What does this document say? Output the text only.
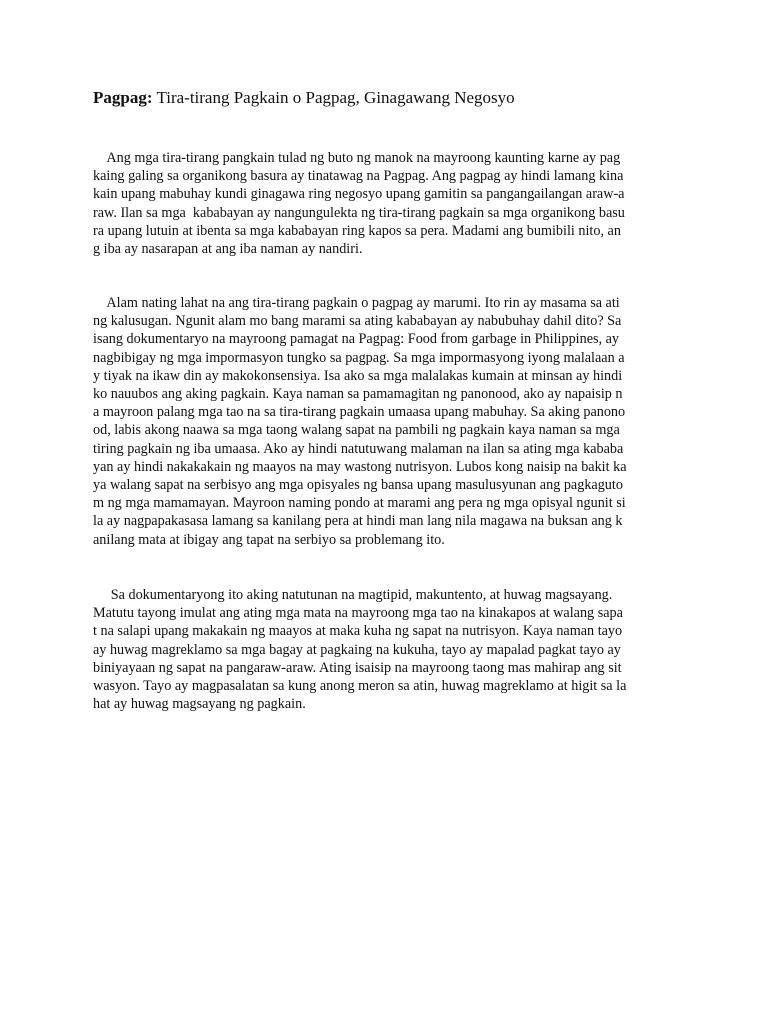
Pagpag: Tira-tirang Pagkain o Pagpag, Ginagawang Negosyo
Ang mga tira-tirang pangkain tulad ng buto ng manok na mayroong kaunting karne ay pag
kaing galing sa organikong basura ay tinatawag na Pagpag. Ang pagpag ay hindi lamang kina
kain upang mabuhay kundi ginagawa ring negosyo upang gamitin sa pangangailangan araw-a
raw. Ilan sa mga  kababayan ay nangungulekta ng tira-tirang pagkain sa mga organikong basu
ra upang lutuin at ibenta sa mga kababayan ring kapos sa pera. Madami ang bumibili nito, an
g iba ay nasarapan at ang iba naman ay nandiri.
Alam nating lahat na ang tira-tirang pagkain o pagpag ay marumi. Ito rin ay masama sa ati
ng kalusugan. Ngunit alam mo bang marami sa ating kababayan ay nabubuhay dahil dito? Sa
isang dokumentaryo na mayroong pamagat na Pagpag: Food from garbage in Philippines, ay
nagbibigay ng mga impormasyon tungko sa pagpag. Sa mga impormasyong iyong malalaan a
y tiyak na ikaw din ay makokonsensiya. Isa ako sa mga malalakas kumain at minsan ay hindi
ko nauubos ang aking pagkain. Kaya naman sa pamamagitan ng panonood, ako ay napaisip n
a mayroon palang mga tao na sa tira-tirang pagkain umaasa upang mabuhay. Sa aking panono
od, labis akong naawa sa mga taong walang sapat na pambili ng pagkain kaya naman sa mga
tiring pagkain ng iba umaasa. Ako ay hindi natutuwang malaman na ilan sa ating mga kababa
yan ay hindi nakakakain ng maayos na may wastong nutrisyon. Lubos kong naisip na bakit ka
ya walang sapat na serbisyo ang mga opisyales ng bansa upang masulusyunan ang pagkaguto
m ng mga mamamayan. Mayroon naming pondo at marami ang pera ng mga opisyal ngunit si
la ay nagpapakasasa lamang sa kanilang pera at hindi man lang nila magawa na buksan ang k
anilang mata at ibigay ang tapat na serbiyo sa problemang ito.
Sa dokumentaryong ito aking natutunan na magtipid, makuntento, at huwag magsayang.
Matutu tayong imulat ang ating mga mata na mayroong mga tao na kinakapos at walang sapa
t na salapi upang makakain ng maayos at maka kuha ng sapat na nutrisyon. Kaya naman tayo
ay huwag magreklamo sa mga bagay at pagkaing na kukuha, tayo ay mapalad pagkat tayo ay
biniyayaan ng sapat na pangaraw-araw. Ating isaisip na mayroong taong mas mahirap ang sit
wasyon. Tayo ay magpasalatan sa kung anong meron sa atin, huwag magreklamo at higit sa la
hat ay huwag magsayang ng pagkain.
